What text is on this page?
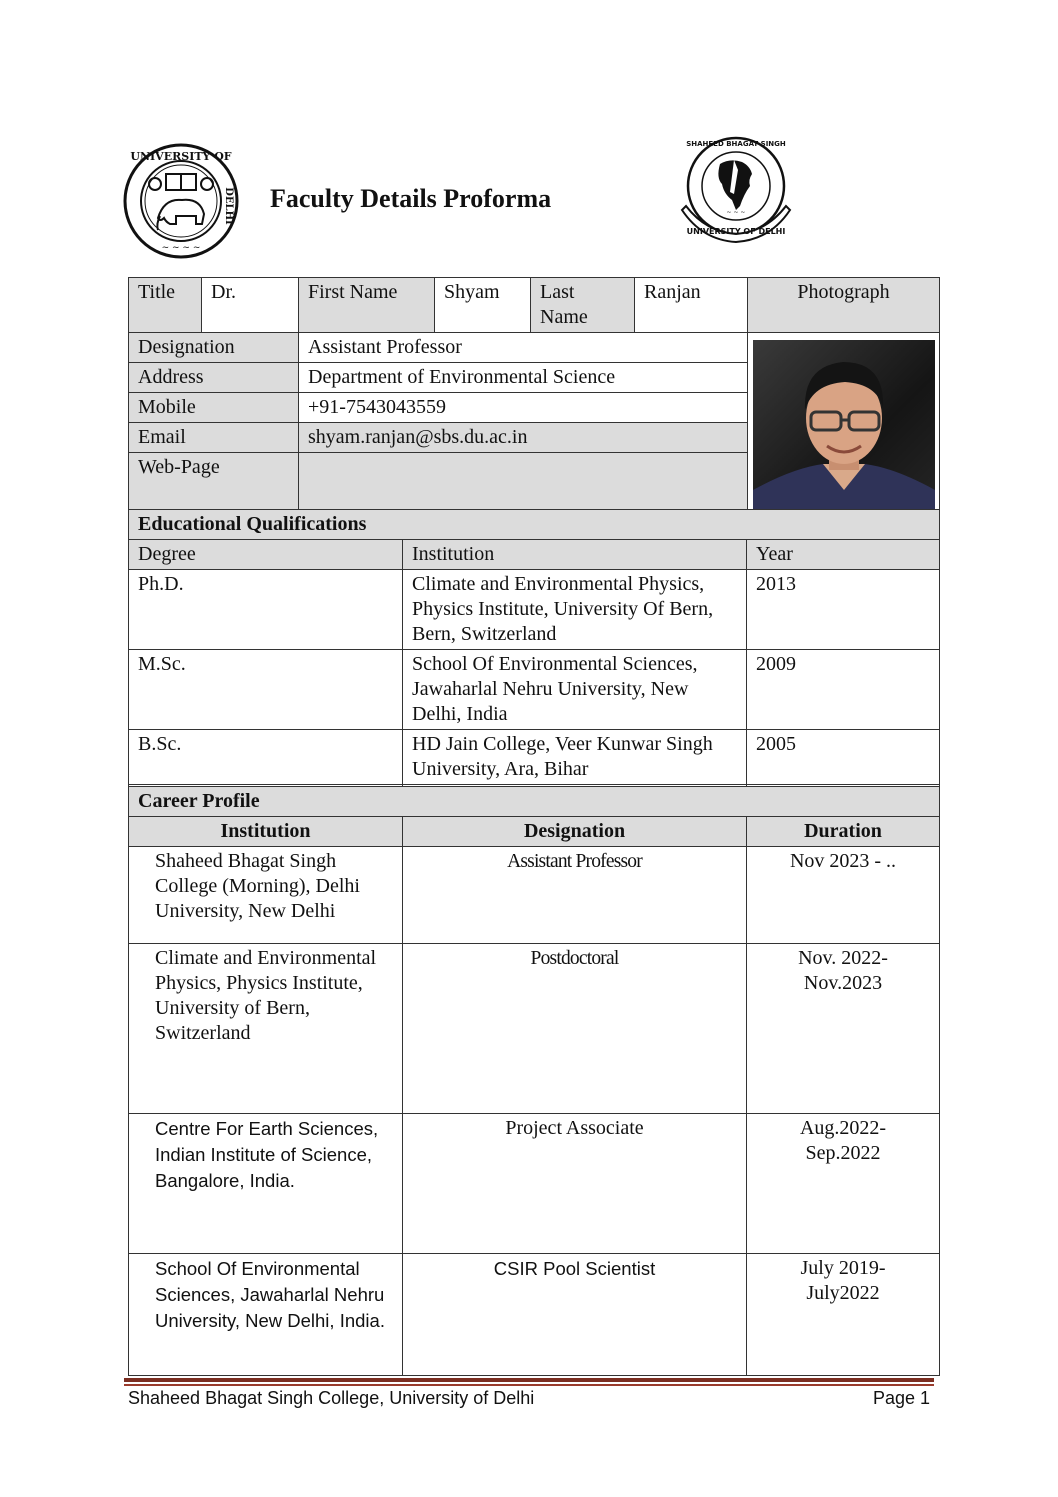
UNIVERSITY OF
DELHI
~ ~ ~ ~
Faculty Details Proforma
UNIVERSITY OF DELHI
SHAHEED BHAGAT SINGH
~ ~ ~
Title	Dr.	First Name	Shyam	Last Name	Ranjan	Photograph
Designation		Assistant Professor	

Address		Department of Environmental Science				
Mobile		+91-7543043559				
Email		shyam.ranjan@sbs.du.ac.in				
Web-Page						
Educational Qualifications		
Degree	Institution	Year
Ph.D.	Climate and Environmental Physics, Physics Institute, University Of Bern, Bern, Switzerland	2013
M.Sc.	School Of Environmental Sciences, Jawaharlal Nehru University, New Delhi, India	2009
B.Sc.	HD Jain College, Veer Kunwar Singh University, Ara, Bihar	2005

Career Profile		
Institution	Designation	Duration
Shaheed Bhagat Singh College (Morning), Delhi University, New Delhi	Assistant Professor	Nov 2023 - ..
Climate and Environmental Physics, Physics Institute, University of Bern, Switzerland	Postdoctoral	Nov. 2022-Nov.2023
Centre For Earth Sciences, Indian Institute of Science, Bangalore, India.	Project Associate	Aug.2022-Sep.2022
School Of Environmental Sciences, Jawaharlal Nehru University, New Delhi, India.	CSIR Pool Scientist	July 2019-July2022
Shaheed Bhagat Singh College, University of Delhi	Page 1
